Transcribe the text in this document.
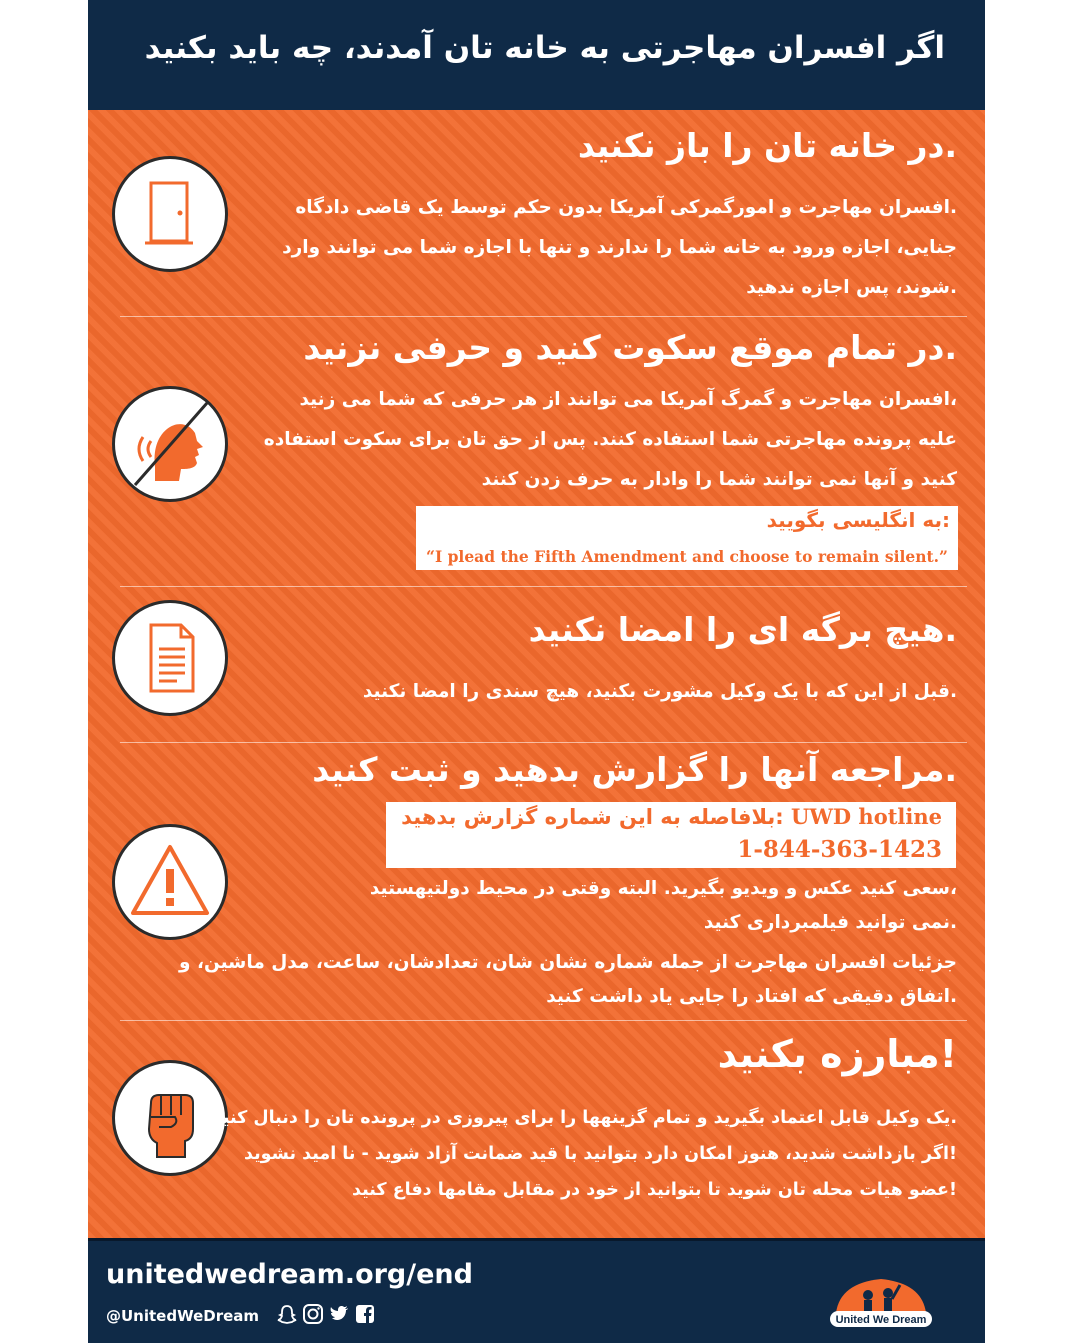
اگر افسران مهاجرتی به خانه تان آمدند، چه باید بکنید
.در خانه تان را باز نکنید
.افسران مهاجرت و امورگمرکی آمریکا بدون حکم توسط یک قاضی دادگاه
جنایی، اجازه ورود به خانه شما را ندارند و تنها با اجازه شما می توانند وارد
.شوند، پس اجازه ندهید
.در تمام موقع سکوت کنید و حرفی نزنید
،افسران مهاجرت و گمرگ آمریکا می توانند از هر حرفی که شما می زنید
علیه پرونده مهاجرتی شما استفاده کنند. پس از حق تان برای سکوت استفاده
کنید و آنها نمی توانند شما را وادار به حرف زدن کنند
:به انگلیسی بگویید
“I plead the Fifth Amendment and choose to remain silent.”
.هیچ برگه ای را امضا نکنید
.قبل از این که با یک وکیل مشورت بکنید، هیچ سندی را امضا نکنید
.مراجعه آنها را گزارش بدهید و ثبت کنید
UWD hotline :بلافاصله به این شماره گزارش بدهید
1-844-363-1423
،سعی کنید عکس و ویدیو بگیرید. البته وقتی در محیط دولتیهستید
.نمی توانید فیلمبرداری کنید
جزئیات افسران مهاجرت از جمله شماره نشان شان، تعدادشان، ساعت، مدل ماشین، و
.اتفاق دقیقی که افتاد را جایی یاد داشت کنید
!مبارزه بکنید
.یک وکیل قابل اعتماد بگیرید و تمام گزینهها را برای پیروزی در پرونده تان را دنبال کنید
!اگر بازداشت شدید، هنوز امکان دارد بتوانید با قید ضمانت آزاد شوید - نا امید نشوید
!عضو هیات محله تان شوید تا بتوانید از خود در مقابل مقامها دفاع کنید
unitedwedream.org/end
@UnitedWeDream	United We Dream
